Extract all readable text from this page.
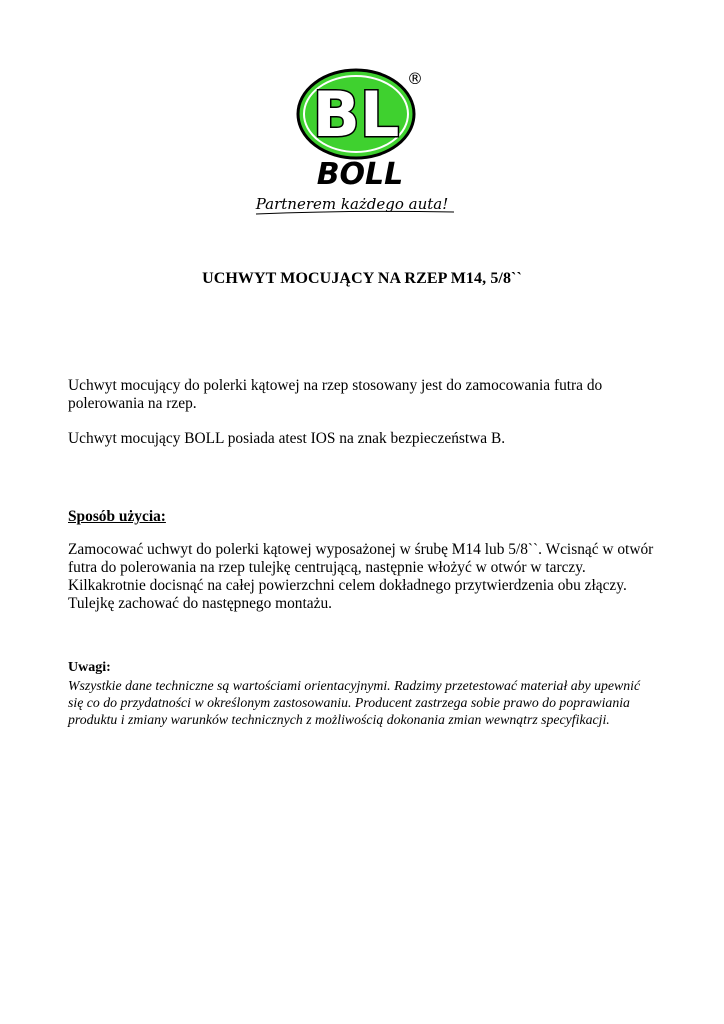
BL ®
BOLL
Partnerem każdego auta!
UCHWYT MOCUJĄCY NA RZEP M14, 5/8``
Uchwyt mocujący do polerki kątowej na rzep stosowany jest do zamocowania futra do polerowania na rzep.
Uchwyt mocujący BOLL posiada atest IOS na znak bezpieczeństwa B.
Sposób użycia:
Zamocować uchwyt do polerki kątowej wyposażonej w śrubę M14 lub 5/8``. Wcisnąć w otwór futra do polerowania na rzep tulejkę centrującą, następnie włożyć w otwór w tarczy. Kilkakrotnie docisnąć na całej powierzchni celem dokładnego przytwierdzenia obu złączy. Tulejkę zachować do następnego montażu.
Uwagi:
Wszystkie dane techniczne są wartościami orientacyjnymi. Radzimy przetestować materiał aby upewnić się co do przydatności w określonym zastosowaniu. Producent zastrzega sobie prawo do poprawiania produktu i zmiany warunków technicznych z możliwością dokonania zmian wewnątrz specyfikacji.
